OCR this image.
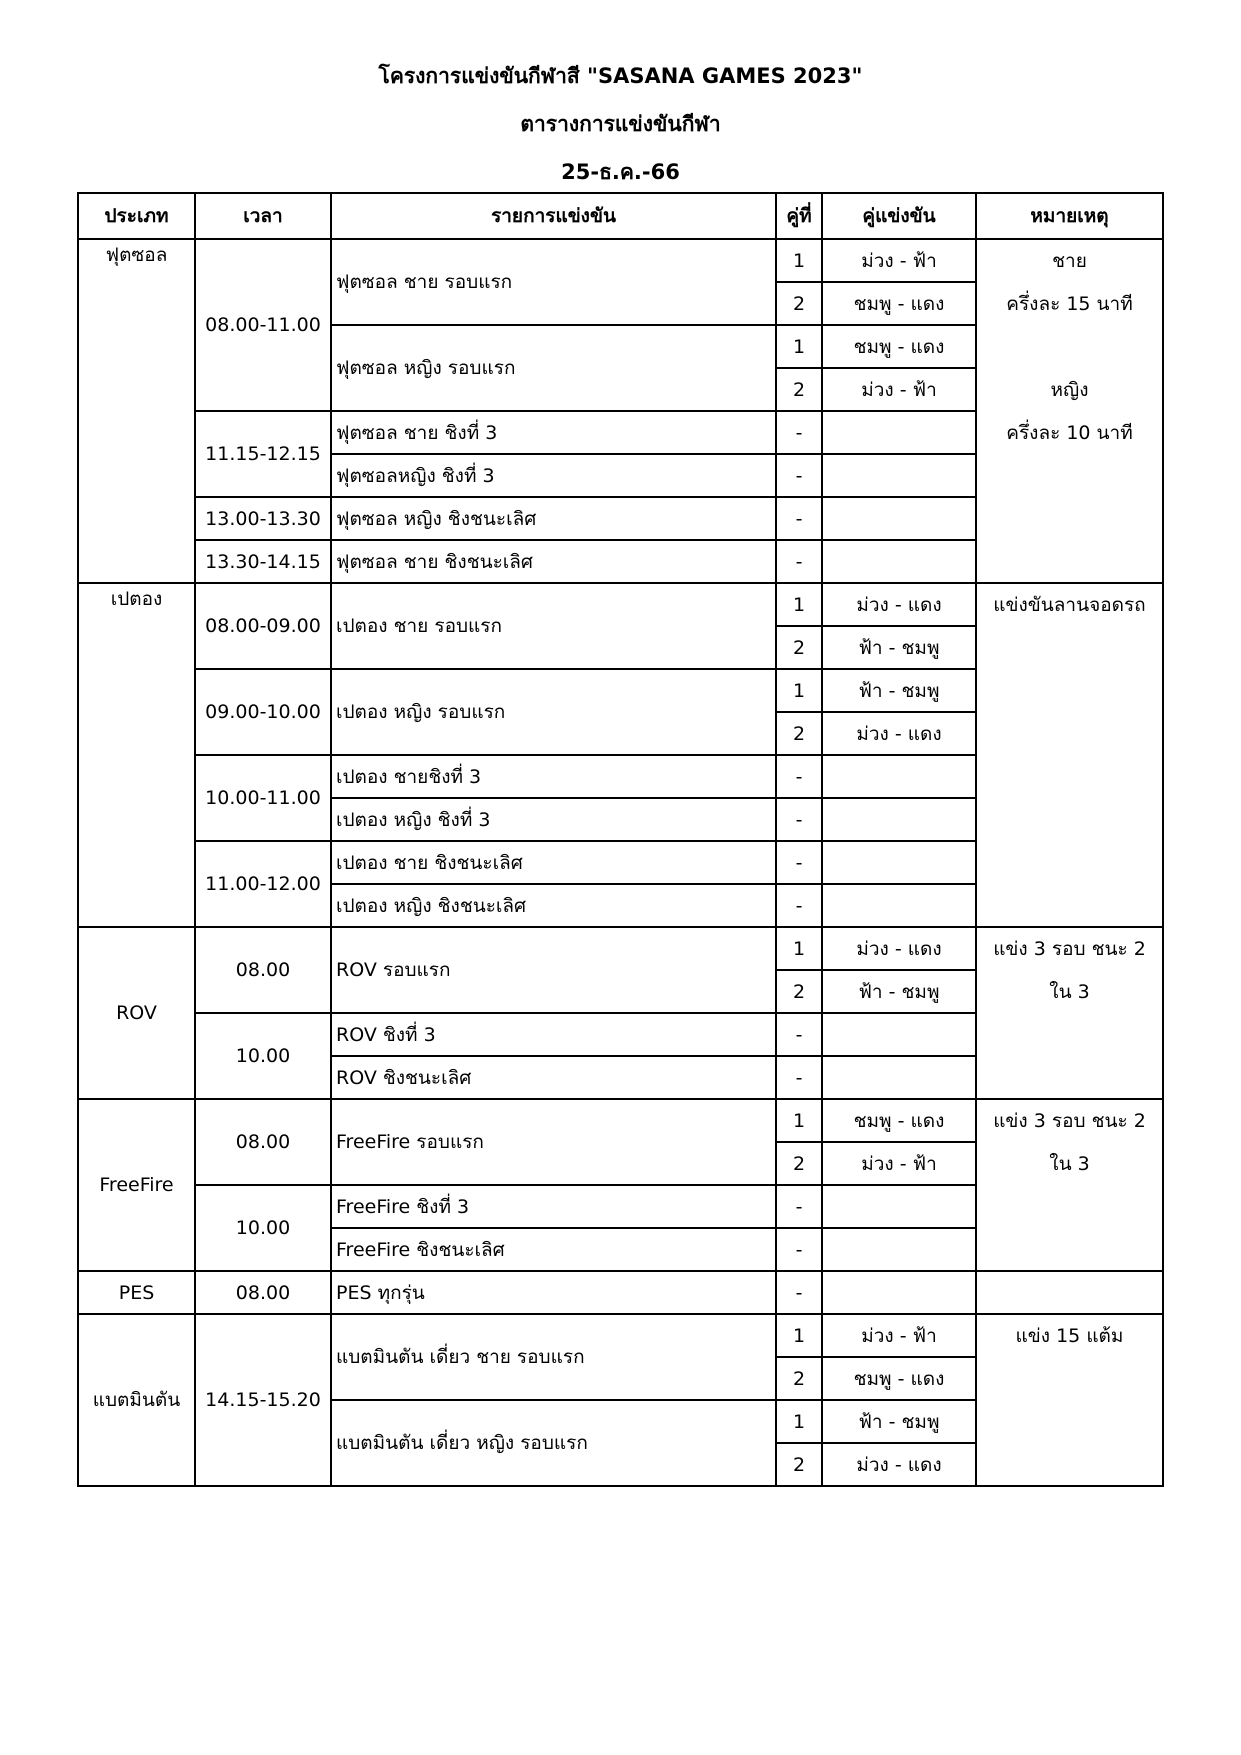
โครงการแข่งขันกีฬาสี "SASANA GAMES 2023"
ตารางการแข่งขันกีฬา
25-ธ.ค.-66
ประเภท	เวลา	รายการแข่งขัน	คู่ที่	คู่แข่งขัน	หมายเหตุ
ฟุตซอล	08.00-11.00	ฟุตซอล ชาย รอบแรก	1	ม่วง - ฟ้า	ชาย
ครึ่งละ 15 นาที

หญิง
ครึ่งละ 10 นาที

			2	ชมพู - แดง	
		ฟุตซอล หญิง รอบแรก	1	ชมพู - แดง	
			2	ม่วง - ฟ้า	
	11.15-12.15	ฟุตซอล ชาย ชิงที่ 3	-		
		ฟุตซอลหญิง ชิงที่ 3	-		
	13.00-13.30	ฟุตซอล หญิง ชิงชนะเลิศ	-		
	13.30-14.15	ฟุตซอล ชาย ชิงชนะเลิศ	-		
เปตอง	08.00-09.00	เปตอง ชาย รอบแรก	1	ม่วง - แดง	แข่งขันลานจอดรถ

			2	ฟ้า - ชมพู	
	09.00-10.00	เปตอง หญิง รอบแรก	1	ฟ้า - ชมพู	
			2	ม่วง - แดง	
	10.00-11.00	เปตอง ชายชิงที่ 3	-		
		เปตอง หญิง ชิงที่ 3	-		
	11.00-12.00	เปตอง ชาย ชิงชนะเลิศ	-		
		เปตอง หญิง ชิงชนะเลิศ	-		
ROV	08.00	ROV รอบแรก	1	ม่วง - แดง	แข่ง 3 รอบ ชนะ 2
ใน 3

			2	ฟ้า - ชมพู	
	10.00	ROV ชิงที่ 3	-		
		ROV ชิงชนะเลิศ	-		
FreeFire	08.00	FreeFire รอบแรก	1	ชมพู - แดง	แข่ง 3 รอบ ชนะ 2
ใน 3

			2	ม่วง - ฟ้า	
	10.00	FreeFire ชิงที่ 3	-		
		FreeFire ชิงชนะเลิศ	-		
PES	08.00	PES ทุกรุ่น	-		
แบตมินตัน	14.15-15.20	แบตมินตัน เดี่ยว ชาย รอบแรก	1	ม่วง - ฟ้า	แข่ง 15 แต้ม

			2	ชมพู - แดง	
		แบตมินตัน เดี่ยว หญิง รอบแรก	1	ฟ้า - ชมพู	
			2	ม่วง - แดง	
